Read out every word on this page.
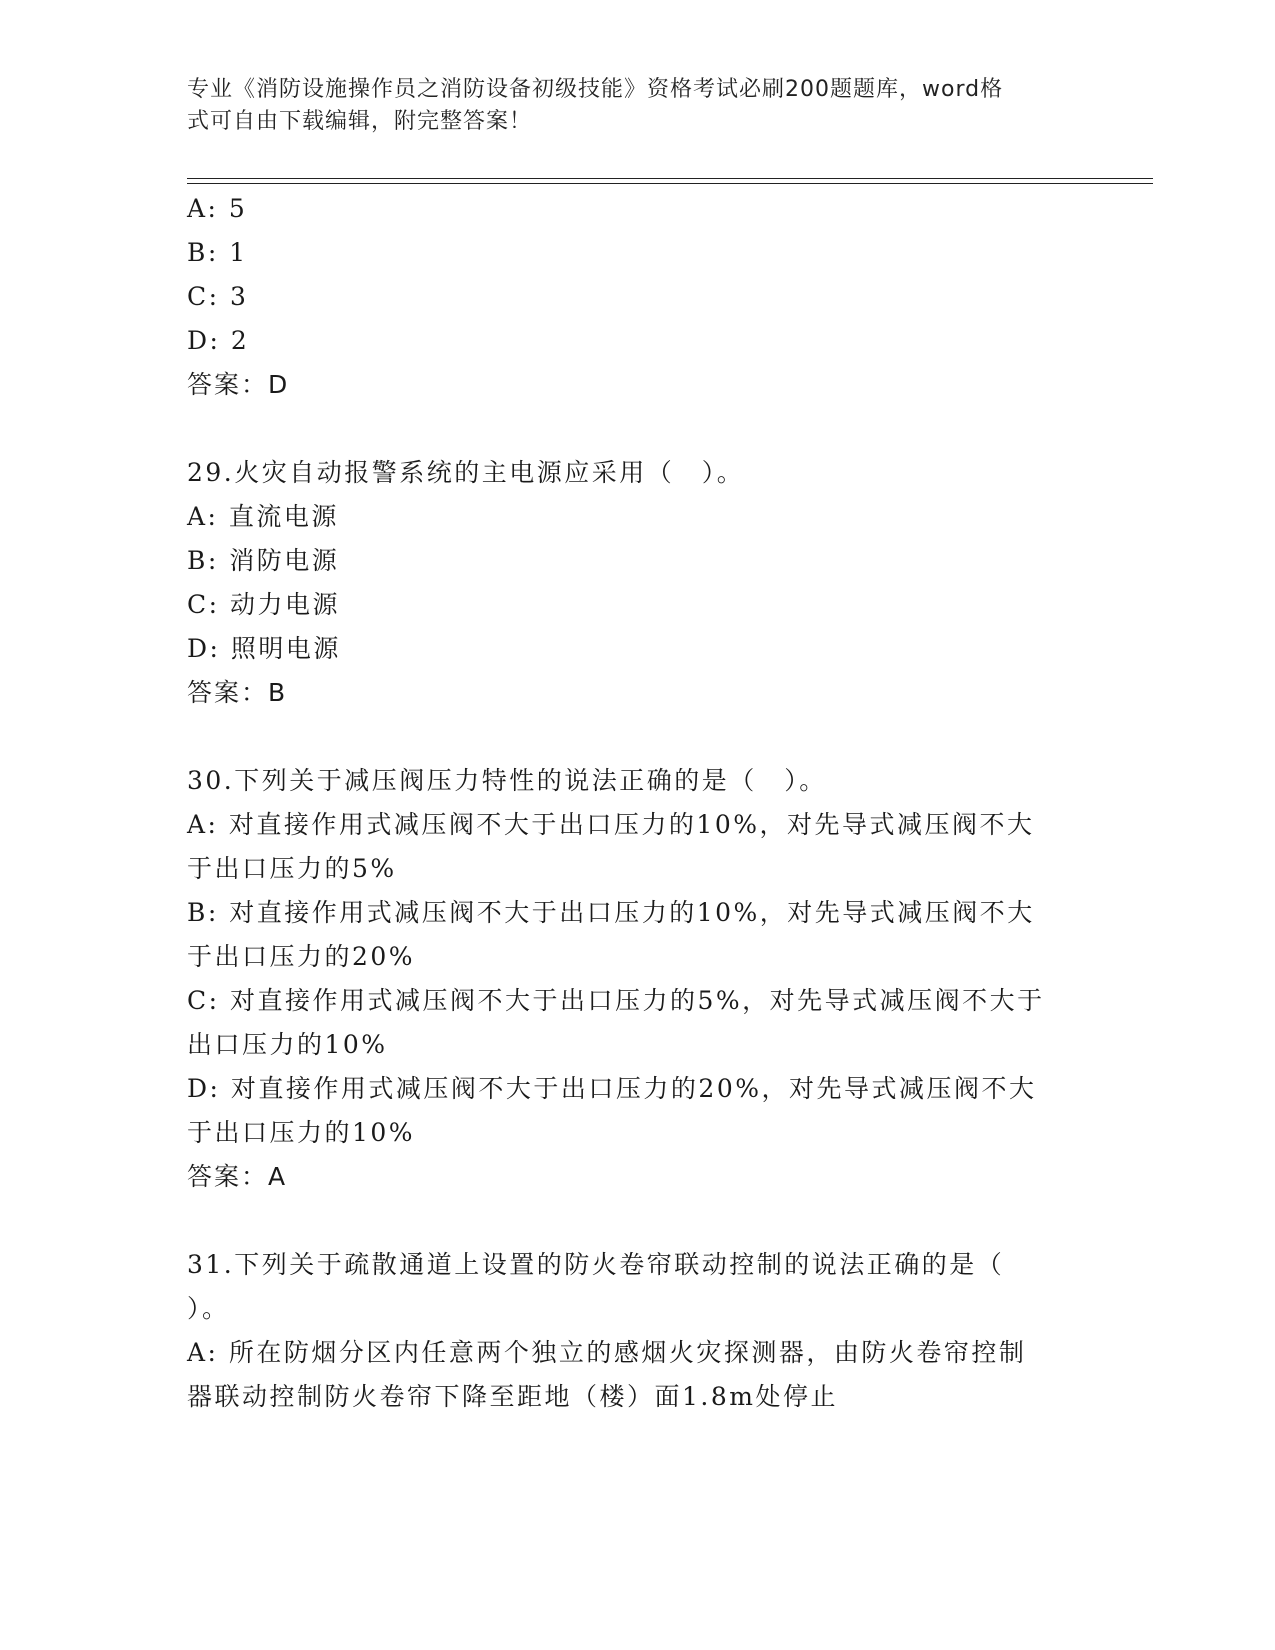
专业《消防设施操作员之消防设备初级技能》资格考试必刷200题题库，word格
式可自由下载编辑，附完整答案！
A: 5
B: 1
C: 3
D: 2
答案：D
29.火灾自动报警系统的主电源应采用（　）。
A: 直流电源
B: 消防电源
C: 动力电源
D: 照明电源
答案：B
30.下列关于减压阀压力特性的说法正确的是（　）。
A: 对直接作用式减压阀不大于出口压力的10%，对先导式减压阀不大
于出口压力的5%
B: 对直接作用式减压阀不大于出口压力的10%，对先导式减压阀不大
于出口压力的20%
C: 对直接作用式减压阀不大于出口压力的5%，对先导式减压阀不大于
出口压力的10%
D: 对直接作用式减压阀不大于出口压力的20%，对先导式减压阀不大
于出口压力的10%
答案：A
31.下列关于疏散通道上设置的防火卷帘联动控制的说法正确的是（
）。
A: 所在防烟分区内任意两个独立的感烟火灾探测器，由防火卷帘控制
器联动控制防火卷帘下降至距地（楼）面1.8m处停止
